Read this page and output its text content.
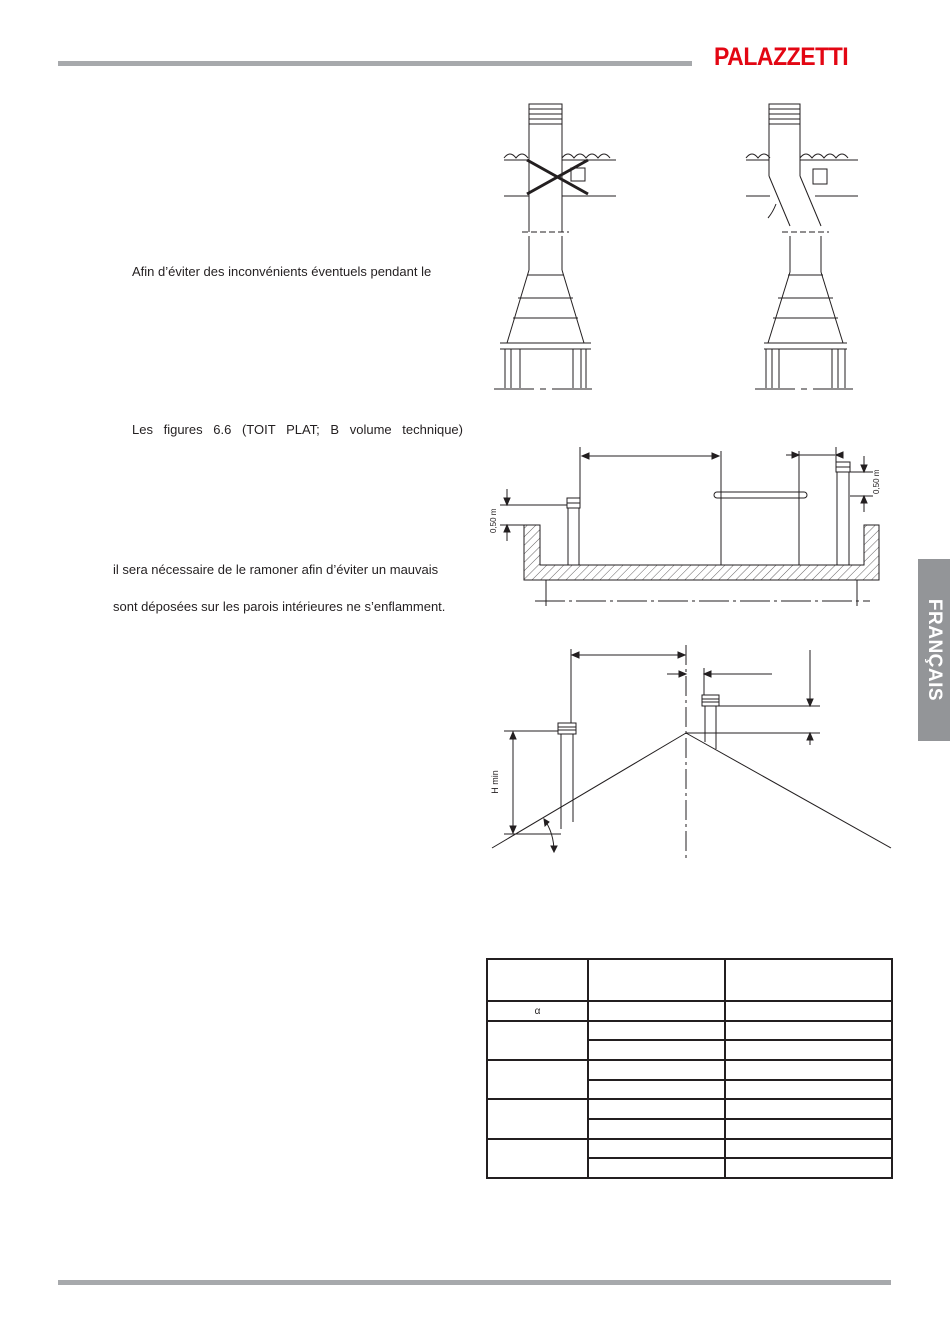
PALAZZETTI
FRANÇAIS
Afin d’éviter des inconvénients éventuels pendant le
Les figures 6.6 (TOIT PLAT; B volume technique)
il sera nécessaire de le ramoner afin d’éviter un mauvais
sont déposées sur les parois intérieures ne s’enflamment.
0,50 m
0,50 m
H min

α		
